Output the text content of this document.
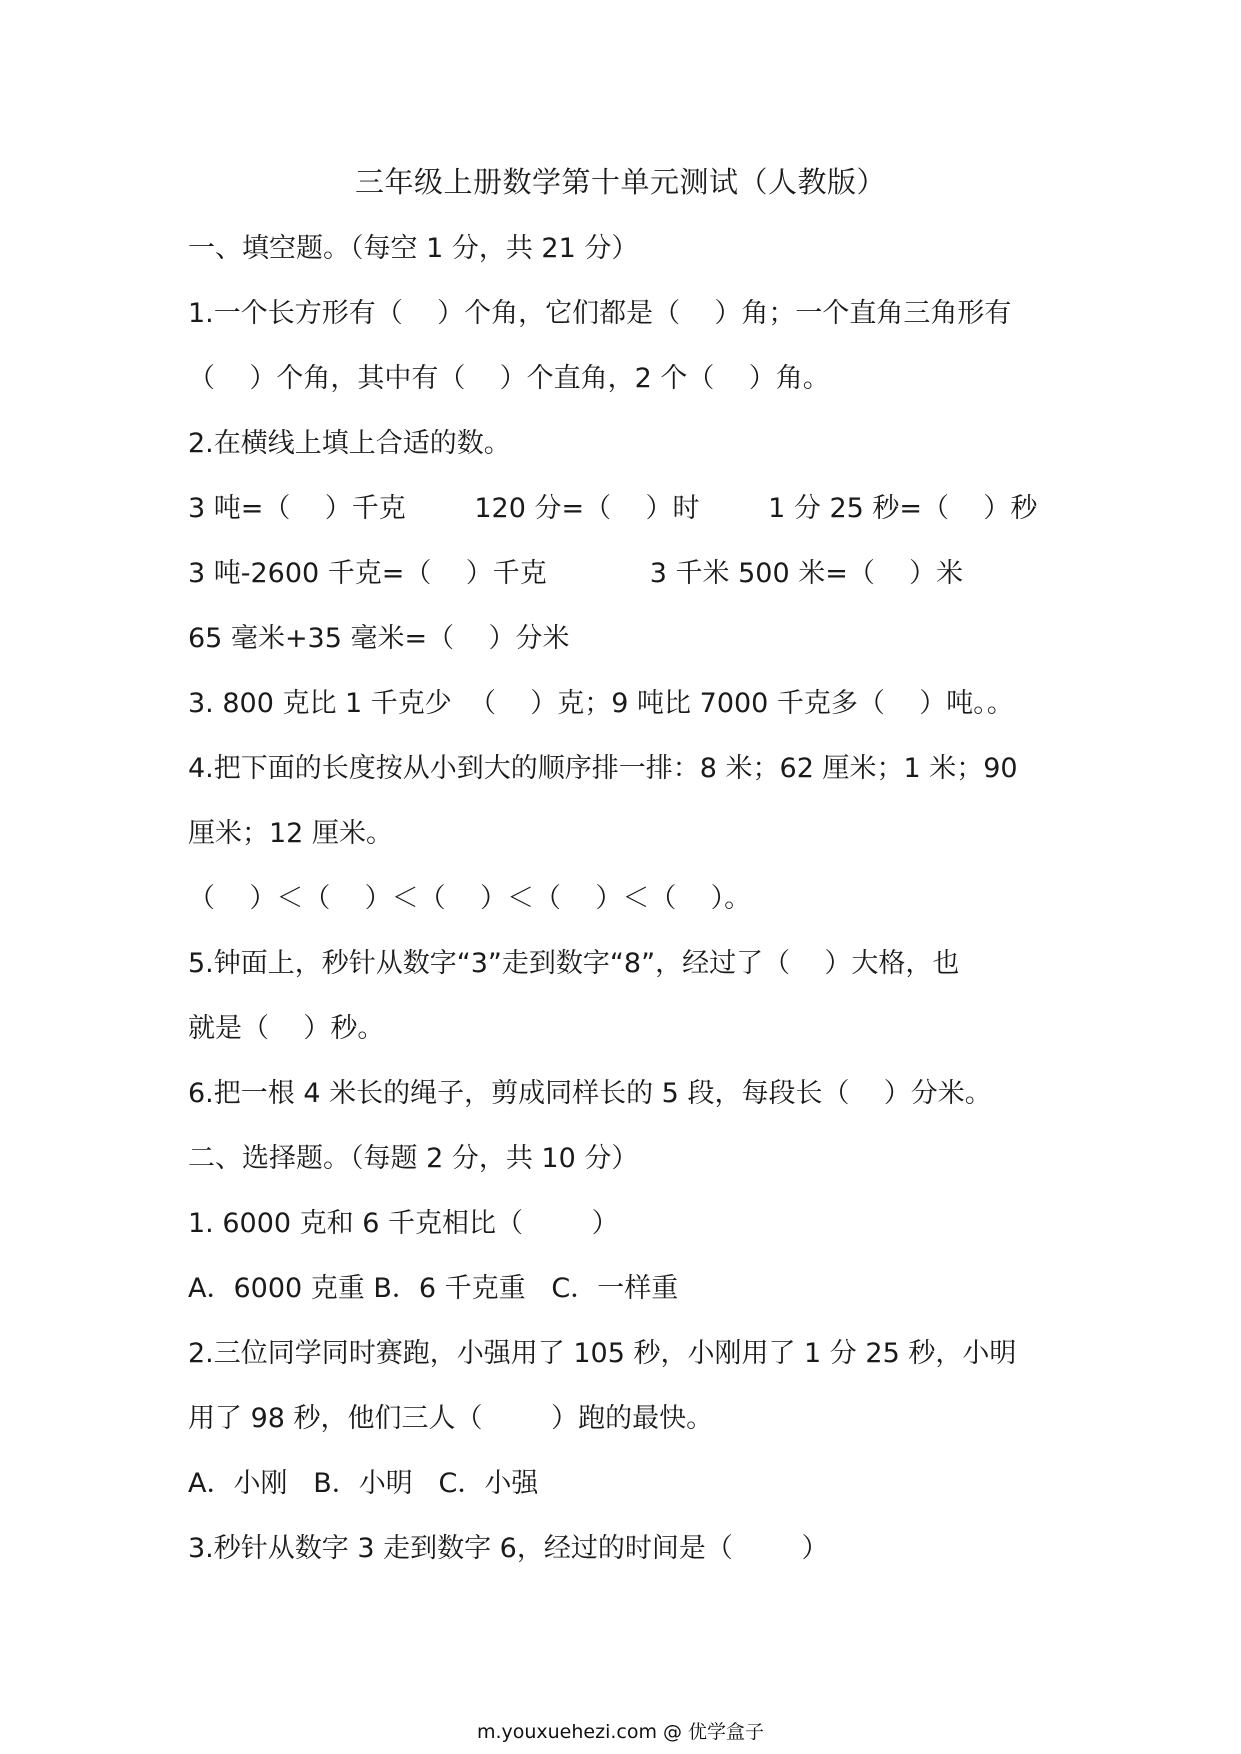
三年级上册数学第十单元测试（人教版）
一、填空题。（每空 1 分，共 21 分）
1.一个长方形有（    ）个角，它们都是（    ）角；一个直角三角形有
（    ）个角，其中有（    ）个直角，2 个（    ）角。
2.在横线上填上合适的数。
3 吨=（    ）千克        120 分=（    ）时        1 分 25 秒=（    ）秒
3 吨-2600 千克=（    ）千克            3 千米 500 米=（    ）米
65 毫米+35 毫米=（    ）分米
3. 800 克比 1 千克少  （    ）克；9 吨比 7000 千克多（    ）吨。。
4.把下面的长度按从小到大的顺序排一排：8 米；62 厘米；1 米；90
厘米；12 厘米。
（    ）＜（    ）＜（    ）＜（    ）＜（    ）。
5.钟面上，秒针从数字“3”走到数字“8”，经过了（    ）大格，也
就是（    ）秒。
6.把一根 4 米长的绳子，剪成同样长的 5 段，每段长（    ）分米。
二、选择题。（每题 2 分，共 10 分）
1. 6000 克和 6 千克相比（        ）
A．6000 克重 B．6 千克重   C．一样重
2.三位同学同时赛跑，小强用了 105 秒，小刚用了 1 分 25 秒，小明
用了 98 秒，他们三人（        ）跑的最快。
A．小刚   B．小明   C．小强
3.秒针从数字 3 走到数字 6，经过的时间是（        ）
m.youxuehezi.com @ 优学盒子
